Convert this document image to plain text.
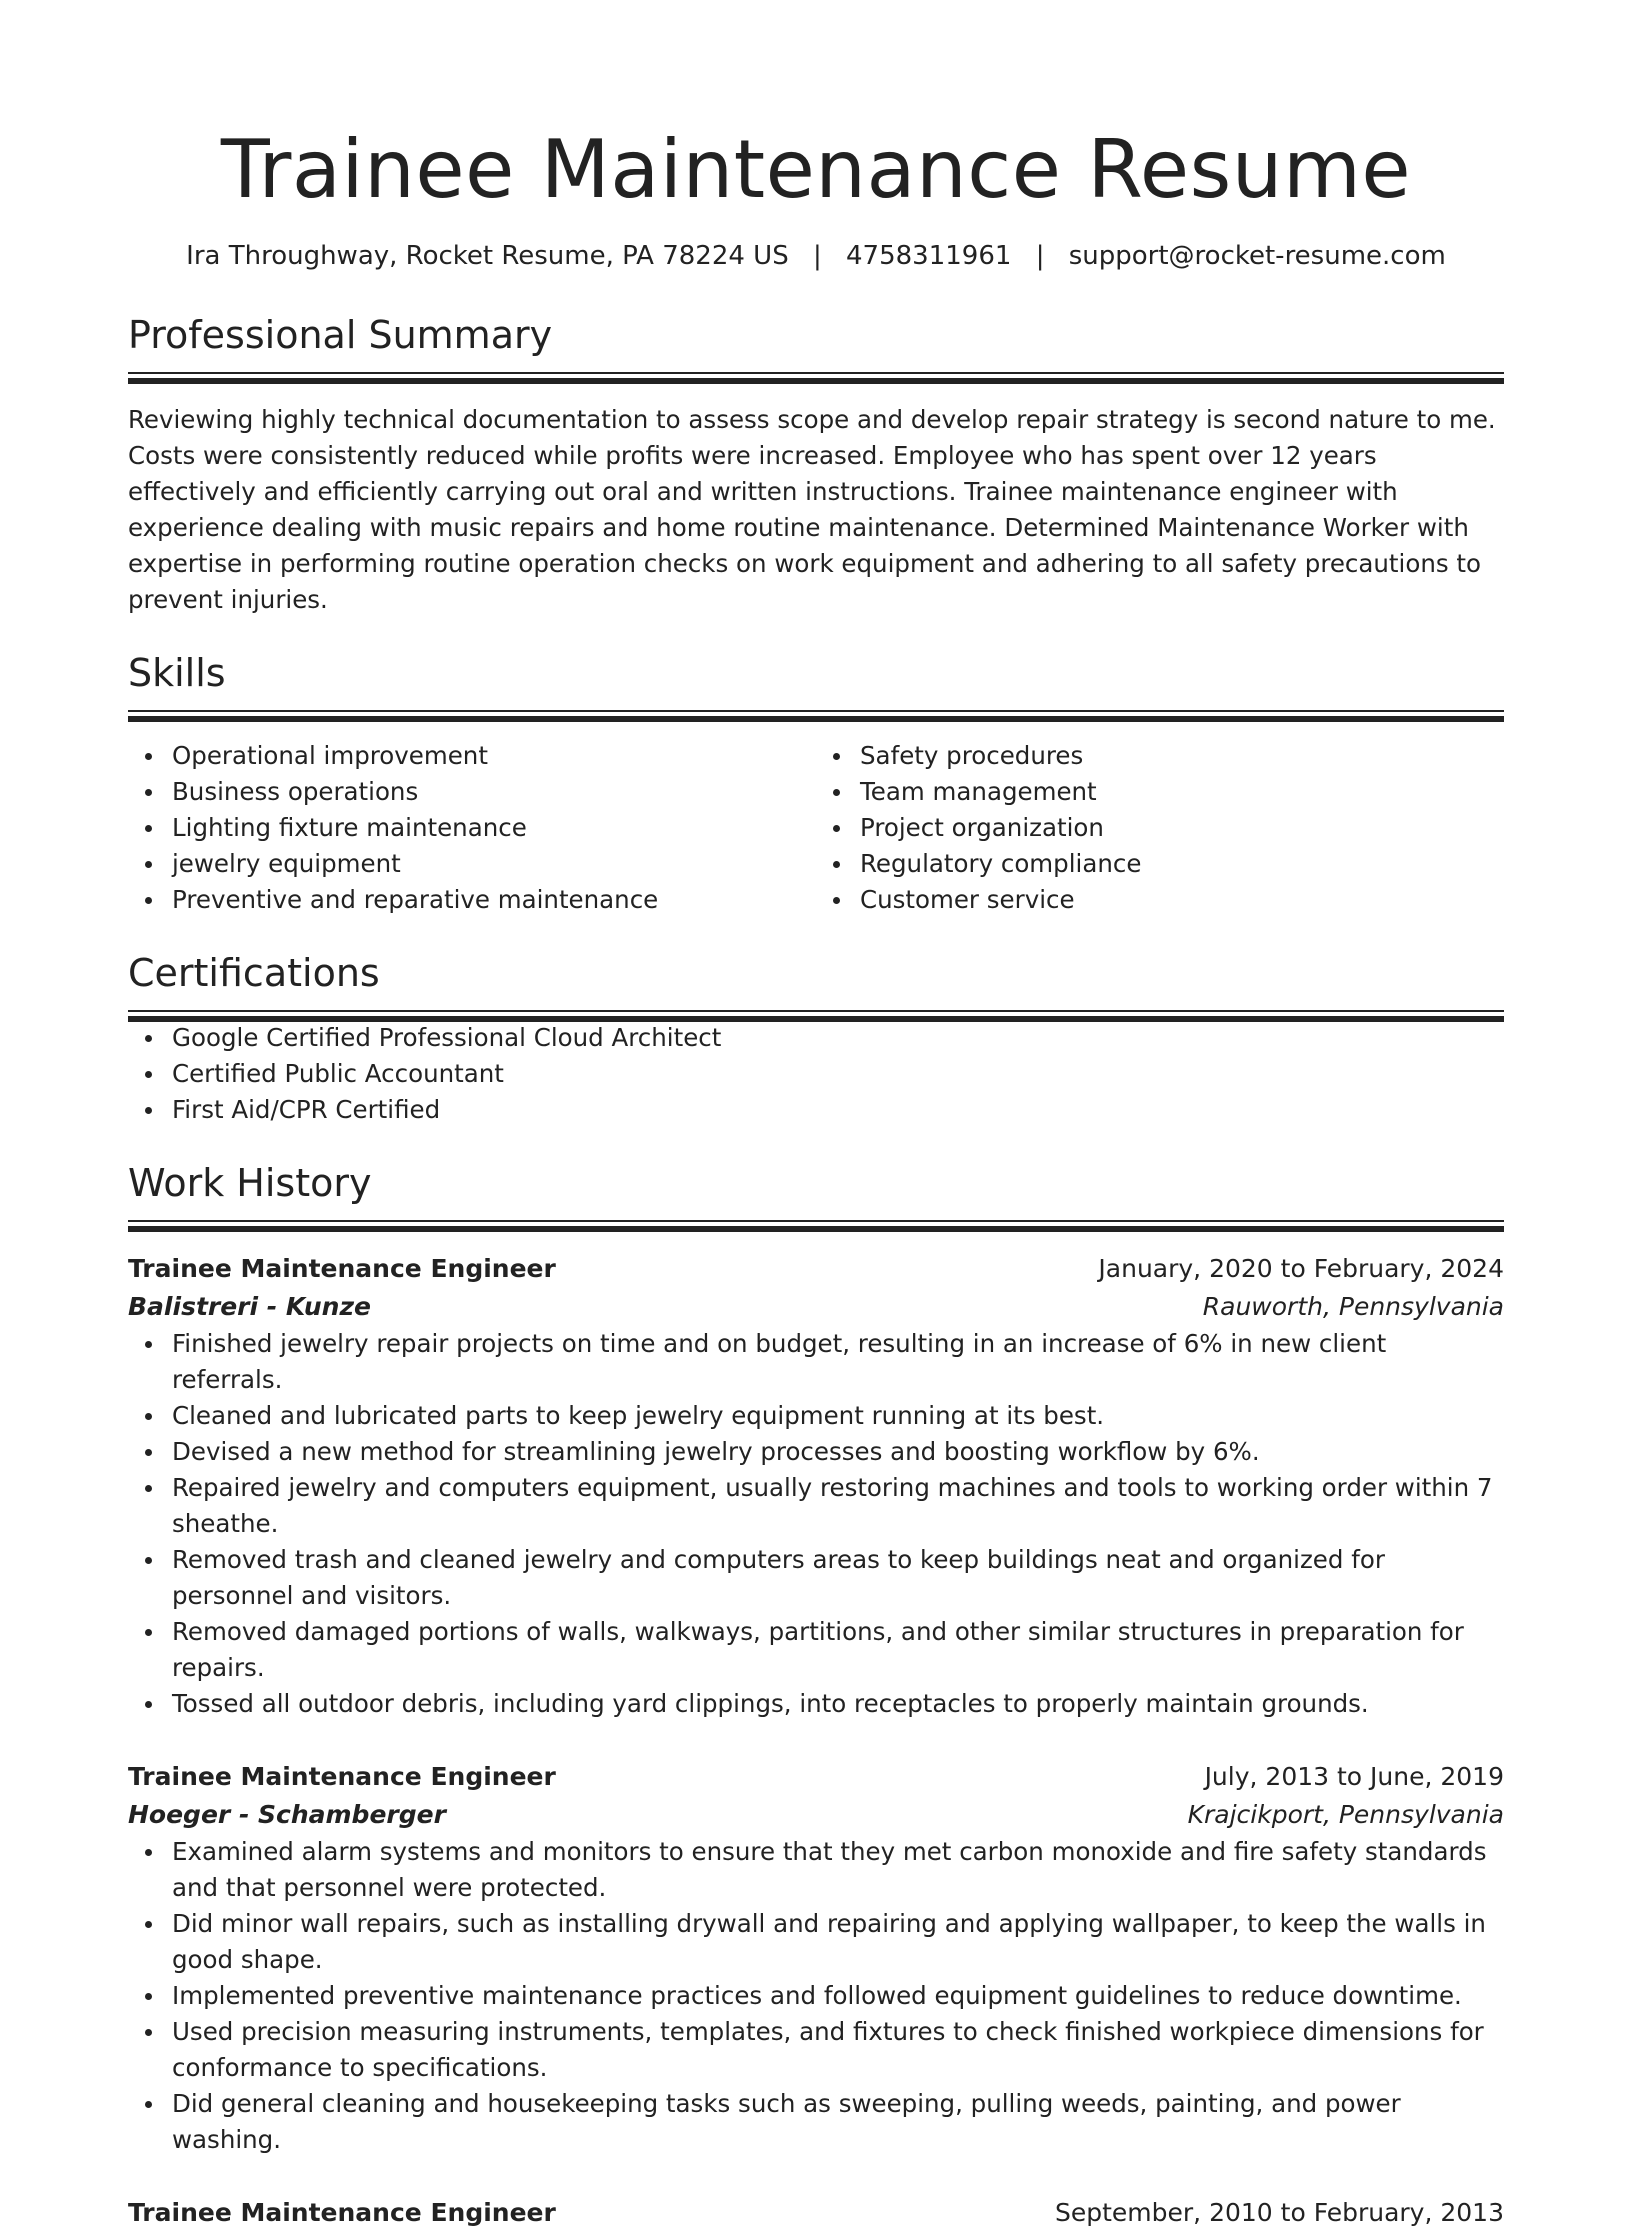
Trainee Maintenance Resume
Ira Throughway, Rocket Resume, PA 78224 US | 4758311961 | support@rocket-resume.com
Professional Summary

Reviewing highly technical documentation to assess scope and develop repair strategy is second nature to me. Costs were consistently reduced while profits were increased. Employee who has spent over 12 years effectively and efficiently carrying out oral and written instructions. Trainee maintenance engineer with experience dealing with music repairs and home routine maintenance. Determined Maintenance Worker with expertise in performing routine operation checks on work equipment and adhering to all safety precautions to prevent injuries.

Skills
Operational improvement
Business operations
Lighting fixture maintenance
jewelry equipment
Preventive and reparative maintenance
Safety procedures
Team management
Project organization
Regulatory compliance
Customer service
Certifications
Google Certified Professional Cloud Architect
Certified Public Accountant
First Aid/CPR Certified
Work History
Trainee Maintenance Engineer	January, 2020 to February, 2024
Balistreri - Kunze	Rauworth, Pennsylvania
Finished jewelry repair projects on time and on budget, resulting in an increase of 6% in new client referrals.
Cleaned and lubricated parts to keep jewelry equipment running at its best.
Devised a new method for streamlining jewelry processes and boosting workflow by 6%.
Repaired jewelry and computers equipment, usually restoring machines and tools to working order within 7 sheathe.
Removed trash and cleaned jewelry and computers areas to keep buildings neat and organized for personnel and visitors.
Removed damaged portions of walls, walkways, partitions, and other similar structures in preparation for repairs.
Tossed all outdoor debris, including yard clippings, into receptacles to properly maintain grounds.
Trainee Maintenance Engineer	July, 2013 to June, 2019
Hoeger - Schamberger	Krajcikport, Pennsylvania
Examined alarm systems and monitors to ensure that they met carbon monoxide and fire safety standards and that personnel were protected.
Did minor wall repairs, such as installing drywall and repairing and applying wallpaper, to keep the walls in good shape.
Implemented preventive maintenance practices and followed equipment guidelines to reduce downtime.
Used precision measuring instruments, templates, and fixtures to check finished workpiece dimensions for conformance to specifications.
Did general cleaning and housekeeping tasks such as sweeping, pulling weeds, painting, and power washing.
Trainee Maintenance Engineer	September, 2010 to February, 2013
